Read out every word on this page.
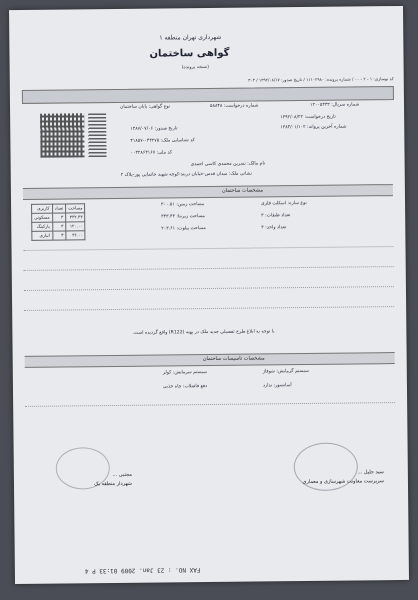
شهرداری تهران منطقه ۱
گواهی ساختمان
(نسخه پرونده)
کد نوسازی: ۱ - ۲ - ۰۰ / شماره پرونده: ۱۱۱۰۲۹۸۰ / تاریخ صدور: ۱۳۹۲/۰۸/۱۷ / ۳۰۳
نوع گواهی: پایان ساختمان	شماره درخواست: ۵۸۸۴۸	شماره سریال: ۱۲۰۰۵۳۳۳
تاریخ درخواست: ۱۳۹۲/۰۸/۲۲
شماره آخرین پروانه: ۱۳۸۳/۰۱/۱۰۲
تاریخ صدور: ۱۳۸۷/۰۷/۰۶
کد شناسایی ملک: ۰۴۳۲۷۵-۴۱۸۵۷
کد ملی: ۰۰۳۲۸۶۳۱۶۷
نام مالک: نسرین محمدی کاسی احمدی
نشانی ملک: میدان قدس-خیابان دربند-کوچه شهید خاتمایی پور-پلاک ۲
مشخصات ساختمان
کاربری	تعداد	مساحت
مسکونی	۳	۳۳۲.۴۳
پارکینگ	۳	۱۲۰.۰۰
انباری	۳	۳۶.۰۰
نوع سازه: اسکلت فلزی
تعداد طبقات: ۳
تعداد واحد: ۳
مساحت زمین: ۳۰۰.۵۱
مساحت زیربنا: ۳۳۳.۴۳
مساحت پیلوت: ۲۰۳.۶۱
با توجه به ابلاغ طرح تفصیلی جدید ملک در پهنه (R122) واقع گردیده است.
مشخصات تاسیسات ساختمان
سیستم گرمایش: شوفاژ
سیستم سرمایش: کولر
آسانسور: ندارد
دفع فاضلاب: چاه جذبی
سید جلیل ...
سرپرست معاونت شهرسازی و معماری
مجتبی ...
شهردار منطقه یک
FAX NO. : 23 Jan. 2009 01:33 P 4
